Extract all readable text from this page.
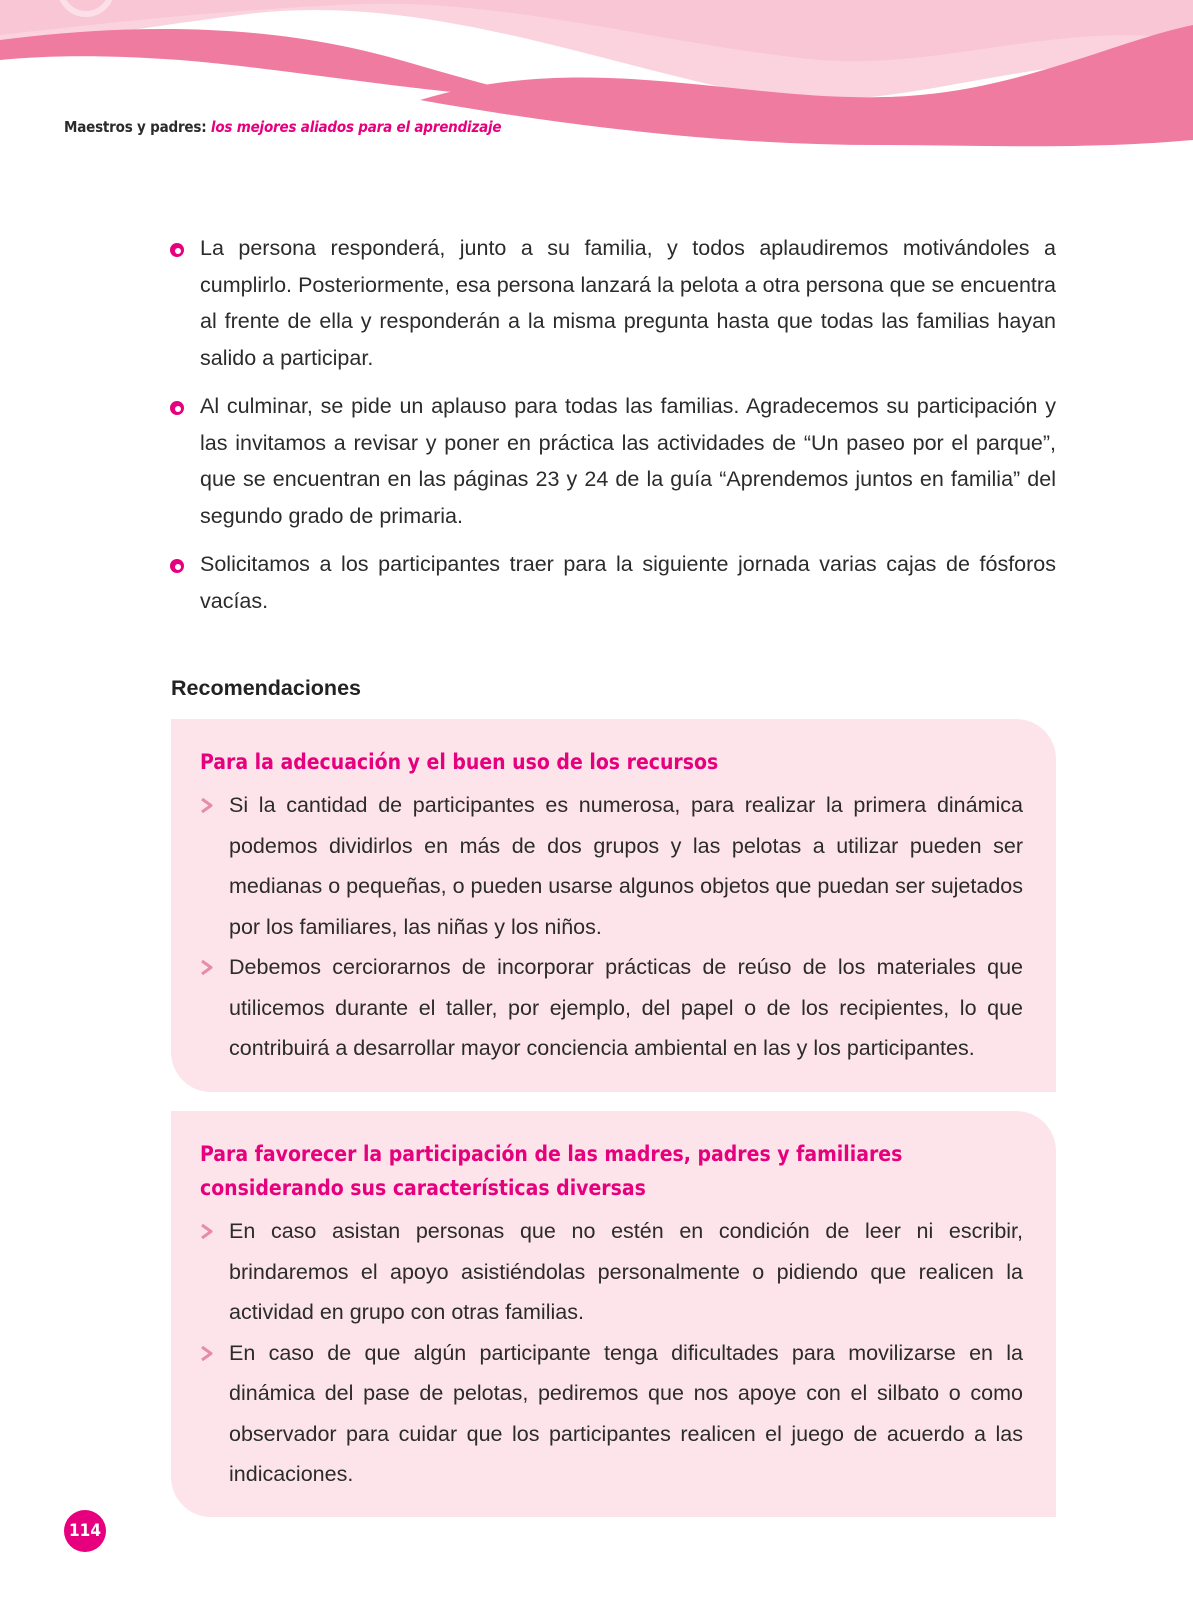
Maestros y padres: los mejores aliados para el aprendizaje
La persona responderá, junto a su familia, y todos aplaudiremos motivándoles a cumplirlo. Posteriormente, esa persona lanzará la pelota a otra persona que se encuentra al frente de ella y responderán a la misma pregunta hasta que todas las familias hayan salido a participar.
Al culminar, se pide un aplauso para todas las familias. Agradecemos su participación y las invitamos a revisar y poner en práctica las actividades de “Un paseo por el parque”, que se encuentran en las páginas 23 y 24 de la guía “Aprendemos juntos en familia” del segundo grado de primaria.
Solicitamos a los participantes traer para la siguiente jornada varias cajas de fósforos vacías.
Recomendaciones
Para la adecuación y el buen uso de los recursos
Si la cantidad de participantes es numerosa, para realizar la primera dinámica podemos dividirlos en más de dos grupos y las pelotas a utilizar pueden ser medianas o pequeñas, o pueden usarse algunos objetos que puedan ser sujetados por los familiares, las niñas y los niños.
Debemos cerciorarnos de incorporar prácticas de reúso de los materiales que utilicemos durante el taller, por ejemplo, del papel o de los recipientes, lo que contribuirá a desarrollar mayor conciencia ambiental en las y los participantes.
Para favorecer la participación de las madres, padres y familiares considerando sus características diversas
En caso asistan personas que no estén en condición de leer ni escribir, brindaremos el apoyo asistiéndolas personalmente o pidiendo que realicen la actividad en grupo con otras familias.
En caso de que algún participante tenga dificultades para movilizarse en la dinámica del pase de pelotas, pediremos que nos apoye con el silbato o como observador para cuidar que los participantes realicen el juego de acuerdo a las indicaciones.
114
